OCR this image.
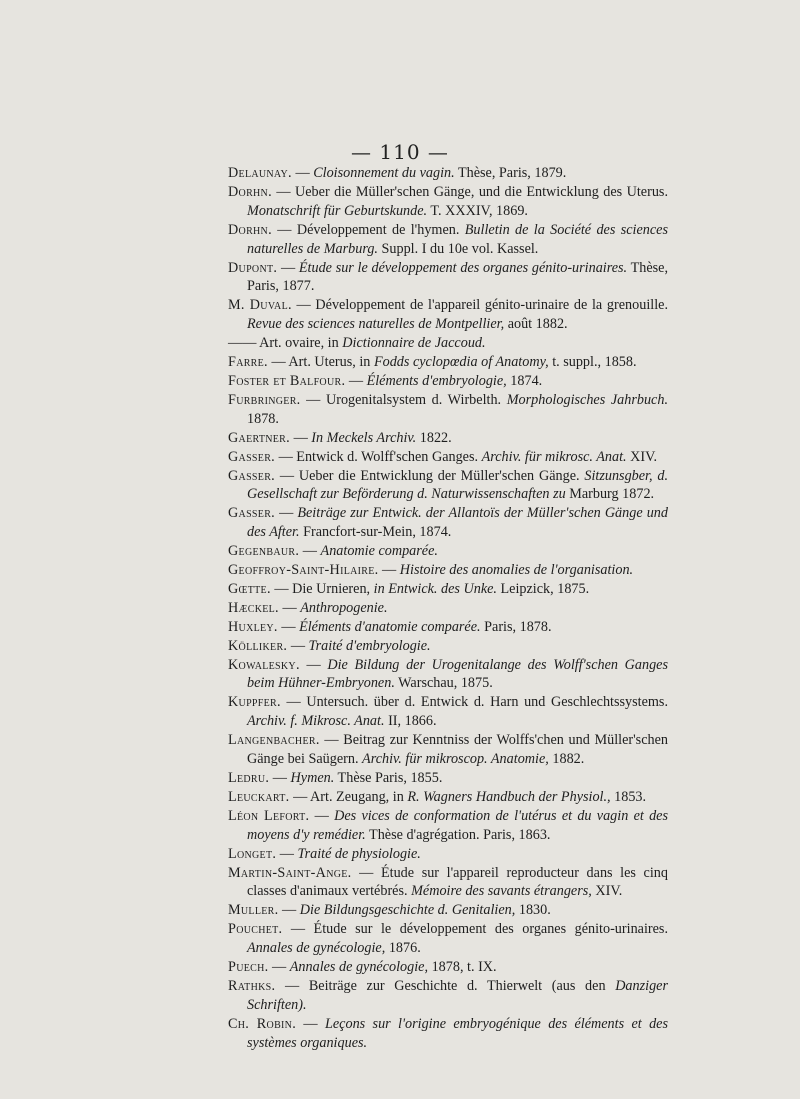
— 110 —

Delaunay. — Cloisonnement du vagin. Thèse, Paris, 1879.

Dorhn. — Ueber die Müller'schen Gänge, und die Entwicklung des Uterus. Monatschrift für Geburtskunde. T. XXXIV, 1869.

Dorhn. — Développement de l'hymen. Bulletin de la Société des sciences naturelles de Marburg. Suppl. I du 10e vol. Kassel.

Dupont. — Étude sur le développement des organes génito-urinaires. Thèse, Paris, 1877.

M. Duval. — Développement de l'appareil génito-urinaire de la grenouille. Revue des sciences naturelles de Montpellier, août 1882.

—— Art. ovaire, in Dictionnaire de Jaccoud.

Farre. — Art. Uterus, in Fodds cyclopœdia of Anatomy, t. suppl., 1858.

Foster et Balfour. — Éléments d'embryologie, 1874.

Furbringer. — Urogenitalsystem d. Wirbelth. Morphologisches Jahrbuch. 1878.

Gaertner. — In Meckels Archiv. 1822.

Gasser. — Entwick d. Wolff'schen Ganges. Archiv. für mikrosc. Anat. XIV.

Gasser. — Ueber die Entwicklung der Müller'schen Gänge. Sitzunsgber, d. Gesellschaft zur Beförderung d. Naturwissenschaften zu Marburg 1872.

Gasser. — Beiträge zur Entwick. der Allantoïs der Müller'schen Gänge und des After. Francfort-sur-Mein, 1874.

Gegenbaur. — Anatomie comparée.

Geoffroy-Saint-Hilaire. — Histoire des anomalies de l'organisation.

Gœtte. — Die Urnieren, in Entwick. des Unke. Leipzick, 1875.

Hæckel. — Anthropogenie.

Huxley. — Éléments d'anatomie comparée. Paris, 1878.

Kölliker. — Traité d'embryologie.

Kowalesky. — Die Bildung der Urogenitalange des Wolff'schen Ganges beim Hühner-Embryonen. Warschau, 1875.

Kuppfer. — Untersuch. über d. Entwick d. Harn und Geschlechtssystems. Archiv. f. Mikrosc. Anat. II, 1866.

Langenbacher. — Beitrag zur Kenntniss der Wolffs'chen und Müller'schen Gänge bei Saügern. Archiv. für mikroscop. Anatomie, 1882.

Ledru. — Hymen. Thèse Paris, 1855.

Leuckart. — Art. Zeugang, in R. Wagners Handbuch der Physiol., 1853.

Léon Lefort. — Des vices de conformation de l'utérus et du vagin et des moyens d'y remédier. Thèse d'agrégation. Paris, 1863.

Longet. — Traité de physiologie.

Martin-Saint-Ange. — Étude sur l'appareil reproducteur dans les cinq classes d'animaux vertébrés. Mémoire des savants étrangers, XIV.

Muller. — Die Bildungsgeschichte d. Genitalien, 1830.

Pouchet. — Étude sur le développement des organes génito-urinaires. Annales de gynécologie, 1876.

Puech. — Annales de gynécologie, 1878, t. IX.

Rathks. — Beiträge zur Geschichte d. Thierwelt (aus den Danziger Schriften).

Ch. Robin. — Leçons sur l'origine embryogénique des éléments et des systèmes organiques.
